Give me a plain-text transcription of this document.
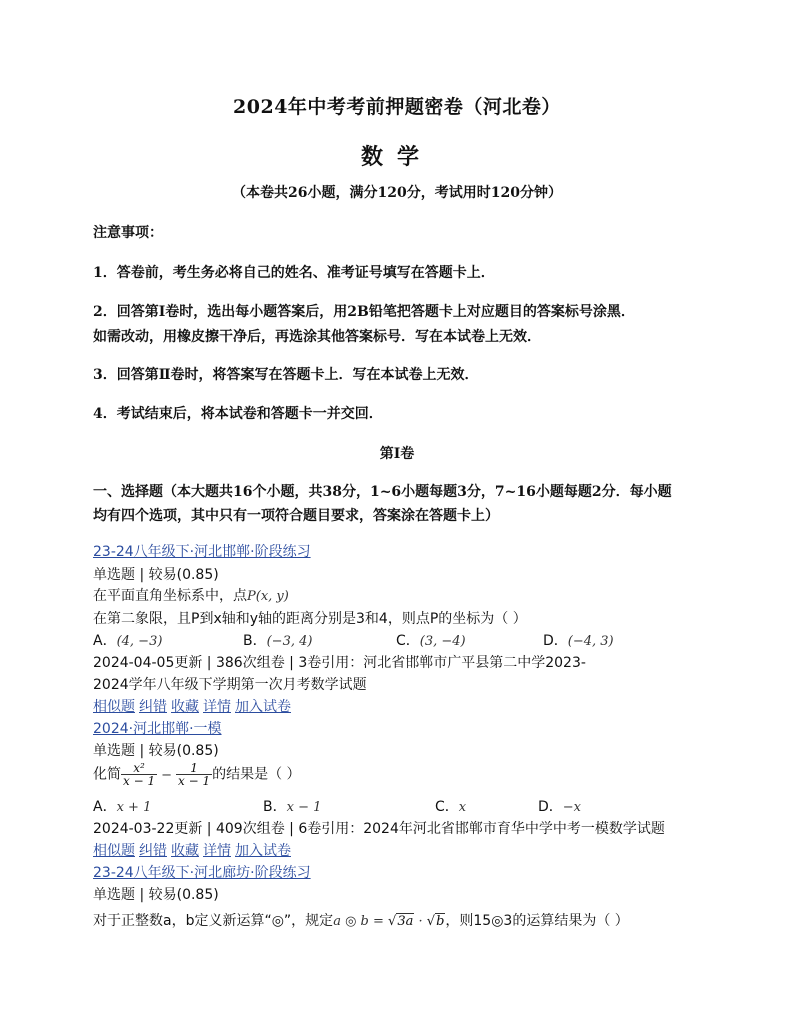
2024年中考考前押题密卷（河北卷）
数学
（本卷共26小题，满分120分，考试用时120分钟）
注意事项：
1．答卷前，考生务必将自己的姓名、准考证号填写在答题卡上．
2．回答第Ⅰ卷时，选出每小题答案后，用2B铅笔把答题卡上对应题目的答案标号涂黑．
如需改动，用橡皮擦干净后，再选涂其他答案标号．写在本试卷上无效．
3．回答第Ⅱ卷时，将答案写在答题卡上．写在本试卷上无效．
4．考试结束后，将本试卷和答题卡一并交回．
第Ⅰ卷
一、选择题（本大题共16个小题，共38分，1~6小题每题3分，7~16小题每题2分．每小题
均有四个选项，其中只有一项符合题目要求，答案涂在答题卡上）
23-24八年级下·河北邯郸·阶段练习
单选题 | 较易(0.85)
在平面直角坐标系中，点P(x, y)
在第二象限，且P到x轴和y轴的距离分别是3和4，则点P的坐标为（ ）
A．(4, −3)	B．(−3, 4)	C．(3, −4)	D．(−4, 3)
2024-04-05更新 | 386次组卷 | 3卷引用：河北省邯郸市广平县第二中学2023-
2024学年八年级下学期第一次月考数学试题
相似题 纠错 收藏 详情 加入试卷
2024·河北邯郸·一模
单选题 | 较易(0.85)
化简 $\frac{\text{x²}}{x - 1} - \frac{1}{x - 1}$ 的结果是（ ）
A．x + 1	B．x − 1	C．x	D．−x
2024-03-22更新 | 409次组卷 | 6卷引用：2024年河北省邯郸市育华中学中考一模数学试题
相似题 纠错 收藏 详情 加入试卷
23-24八年级下·河北廊坊·阶段练习
单选题 | 较易(0.85)
对于正整数a，b定义新运算“◎”，规定a ◎ b = √3a · √b，则15◎3的运算结果为（ ）
